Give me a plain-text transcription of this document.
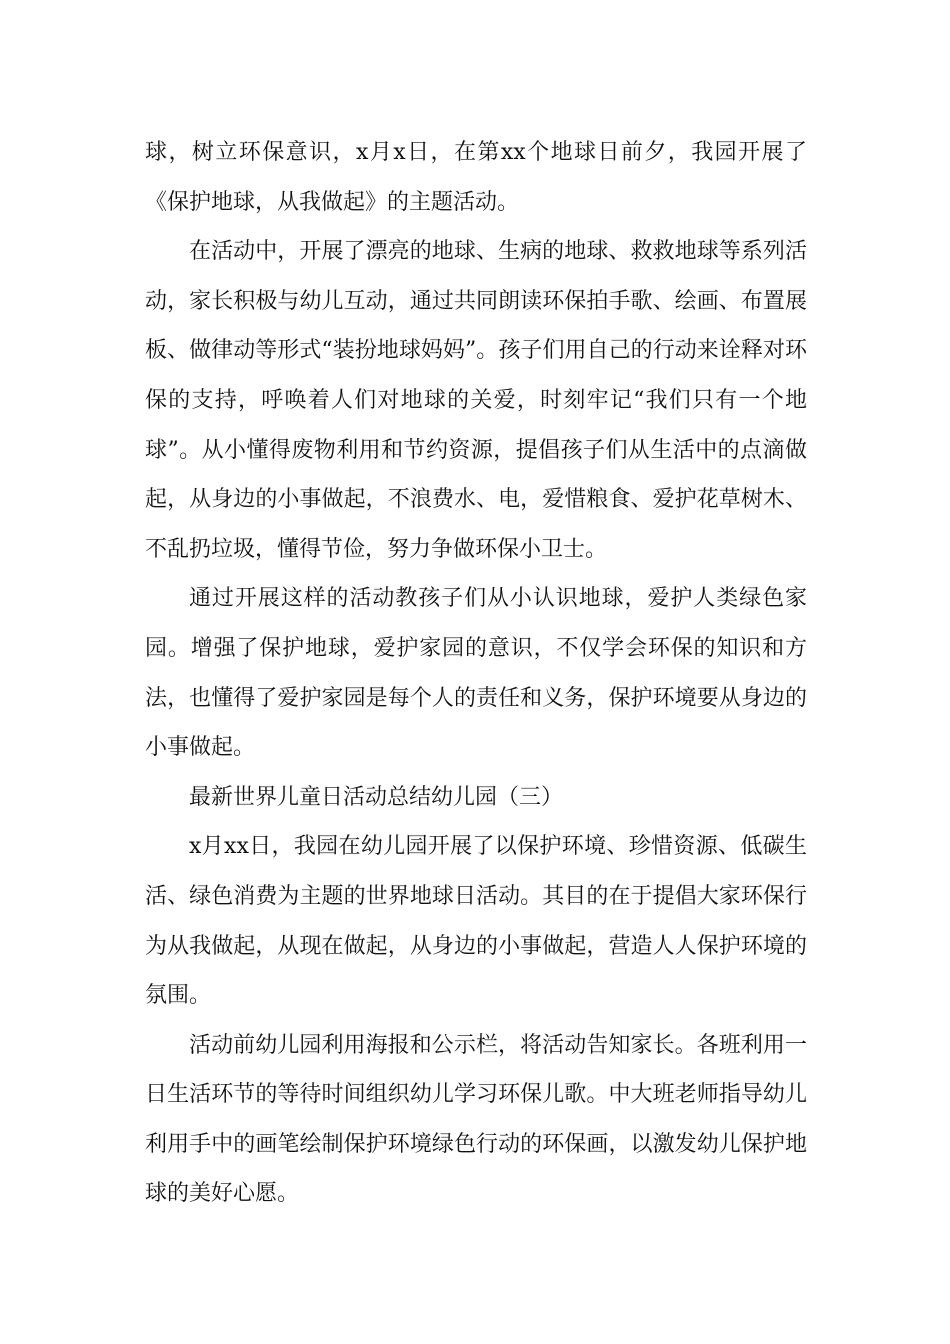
球，树立环保意识，x月x日，在第xx个地球日前夕，我园开展了《保护地球，从我做起》的主题活动。

在活动中，开展了漂亮的地球、生病的地球、救救地球等系列活动，家长积极与幼儿互动，通过共同朗读环保拍手歌、绘画、布置展板、做律动等形式“装扮地球妈妈”。孩子们用自己的行动来诠释对环保的支持，呼唤着人们对地球的关爱，时刻牢记“我们只有一个地球”。从小懂得废物利用和节约资源，提倡孩子们从生活中的点滴做起，从身边的小事做起，不浪费水、电，爱惜粮食、爱护花草树木、不乱扔垃圾，懂得节俭，努力争做环保小卫士。

通过开展这样的活动教孩子们从小认识地球，爱护人类绿色家园。增强了保护地球，爱护家园的意识，不仅学会环保的知识和方法，也懂得了爱护家园是每个人的责任和义务，保护环境要从身边的小事做起。

最新世界儿童日活动总结幼儿园（三）

x月xx日，我园在幼儿园开展了以保护环境、珍惜资源、低碳生活、绿色消费为主题的世界地球日活动。其目的在于提倡大家环保行为从我做起，从现在做起，从身边的小事做起，营造人人保护环境的氛围。

活动前幼儿园利用海报和公示栏，将活动告知家长。各班利用一日生活环节的等待时间组织幼儿学习环保儿歌。中大班老师指导幼儿利用手中的画笔绘制保护环境绿色行动的环保画，以激发幼儿保护地球的美好心愿。
